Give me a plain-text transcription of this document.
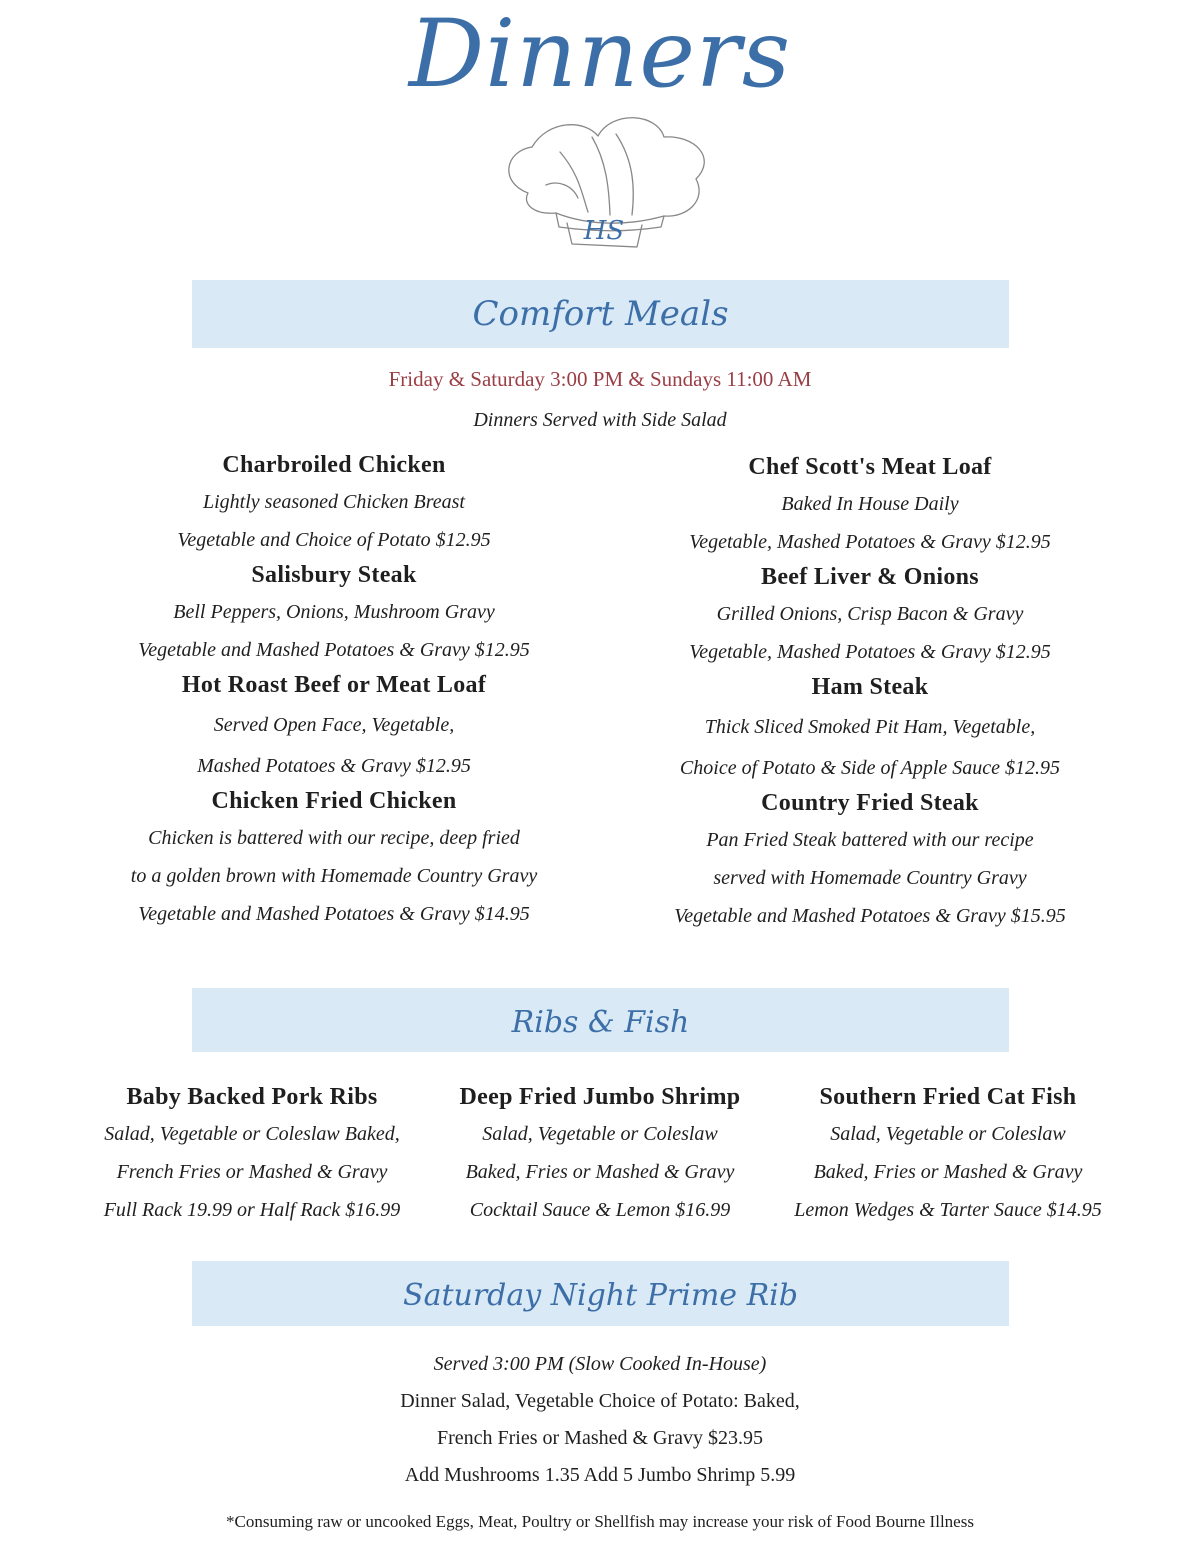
Dinners
HS
Comfort Meals
Friday & Saturday 3:00 PM & Sundays 11:00 AM
Dinners Served with Side Salad
Charbroiled Chicken
Lightly seasoned Chicken Breast
Vegetable and Choice of Potato $12.95
Salisbury Steak
Bell Peppers, Onions, Mushroom Gravy
Vegetable and Mashed Potatoes & Gravy $12.95
Hot Roast Beef or Meat Loaf
Served Open Face, Vegetable,
Mashed Potatoes & Gravy $12.95
Chicken Fried Chicken
Chicken is battered with our recipe, deep fried
to a golden brown with Homemade Country Gravy
Vegetable and Mashed Potatoes & Gravy $14.95
Chef Scott's Meat Loaf
Baked In House Daily
Vegetable, Mashed Potatoes & Gravy $12.95
Beef Liver & Onions
Grilled Onions, Crisp Bacon & Gravy
Vegetable, Mashed Potatoes & Gravy $12.95
Ham Steak
Thick Sliced Smoked Pit Ham, Vegetable,
Choice of Potato & Side of Apple Sauce $12.95
Country Fried Steak
Pan Fried Steak battered with our recipe
served with Homemade Country Gravy
Vegetable and Mashed Potatoes & Gravy $15.95
Ribs & Fish
Baby Backed Pork Ribs
Salad, Vegetable or Coleslaw Baked,
French Fries or Mashed & Gravy
Full Rack 19.99 or Half Rack $16.99
Deep Fried Jumbo Shrimp
Salad, Vegetable or Coleslaw
Baked, Fries or Mashed & Gravy
Cocktail Sauce & Lemon $16.99
Southern Fried Cat Fish
Salad, Vegetable or Coleslaw
Baked, Fries or Mashed & Gravy
Lemon Wedges & Tarter Sauce $14.95
Saturday Night Prime Rib
Served 3:00 PM (Slow Cooked In-House)
Dinner Salad, Vegetable Choice of Potato: Baked,
French Fries or Mashed & Gravy $23.95
Add Mushrooms 1.35 Add 5 Jumbo Shrimp 5.99
*Consuming raw or uncooked Eggs, Meat, Poultry or Shellfish may increase your risk of Food Bourne Illness
